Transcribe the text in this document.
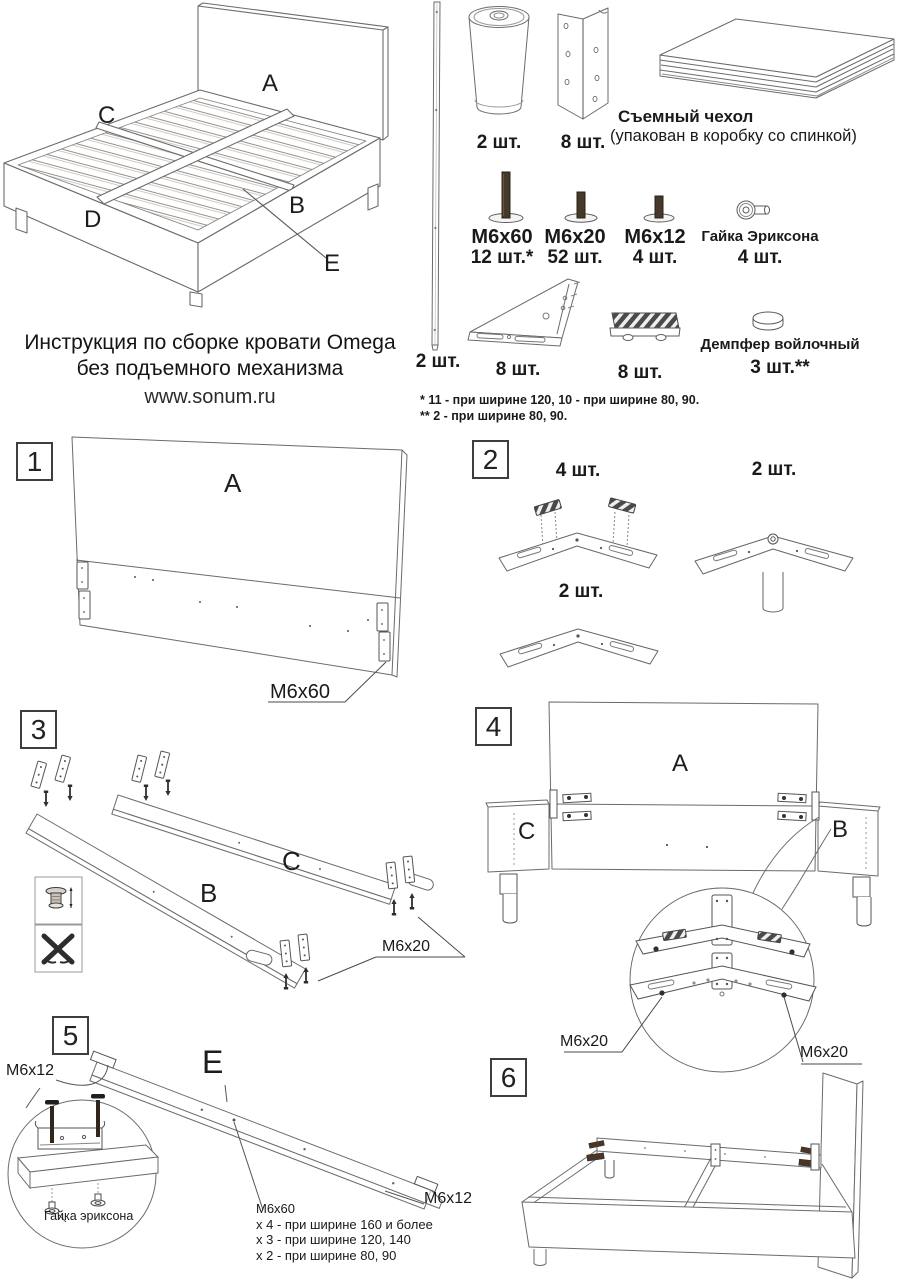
A
C
B
D
E
Инструкция по сборке кровати Omega
без подъемного механизма
www.sonum.ru
2 шт.
2 шт.	8 шт.
Съемный чехол
(упакован в коробку со спинкой)
M6x60
12 шт.*
M6x20
52 шт.
M6x12
4 шт.
Гайка Эриксона
4 шт.
8 шт.	8 шт.
Демпфер войлочный
3 шт.**
* 11 - при ширине 120, 10 - при ширине 80, 90.
** 2 - при ширине 80, 90.
1
A
M6x60
2	4 шт.	2 шт.
2 шт.
3
C
B
M6x20
4
A
C	B
M6x20
M6x20
5
E
M6x12
M6x12
Гайка эриксона	M6x60
x 4 - при ширине 160 и более
x 3 - при ширине 120, 140
x 2 - при ширине 80, 90
6
